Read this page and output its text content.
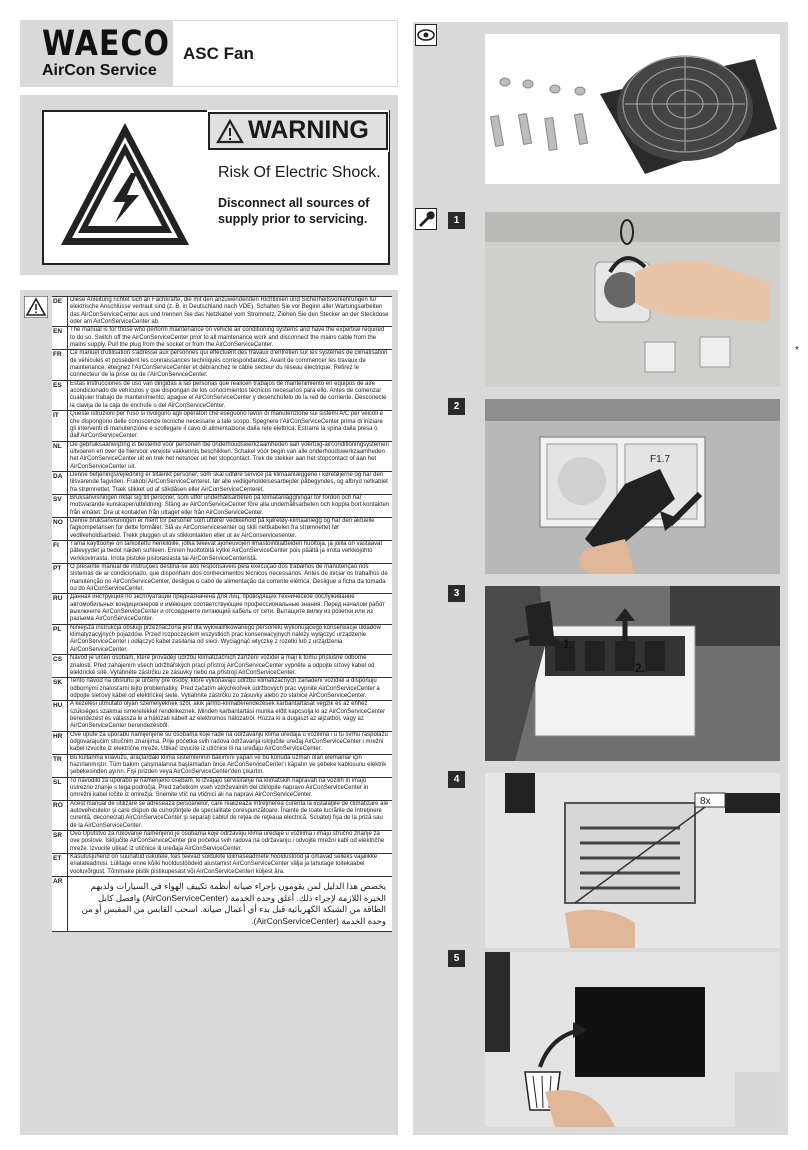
WAECO
AirCon Service
ASC Fan
WARNING
Risk Of Electric Shock.
Disconnect all sources of supply prior to servicing.
DE	Diese Anleitung richtet sich an Fachkräfte, die mit den anzuwendenden Richtlinien und Sicherheitsvorkehrungen für elektrische Anschlüsse vertraut sind (z. B. in Deutschland nach VDE). Schalten Sie vor Beginn aller Wartungsarbeiten das AirConServiceCenter aus und trennen Sie das Netzkabel vom Stromnetz. Ziehen Sie den Stecker an der Steckdose oder am AirConServiceCenter ab.
EN	The manual is for those who perform maintenance on vehicle air conditioning systems and have the expertise required to do so. Switch off the AirConServiceCenter prior to all maintenance work and disconnect the mains cable from the mains supply. Pull the plug from the socket or from the AirConServiceCenter.
FR	Ce manuel d'utilisation s'adresse aux personnes qui effectuent des travaux d'entretien sur les systèmes de climatisation de véhicules et possèdent les connaissances techniques correspondantes. Avant de commencer les travaux de maintenance, éteignez l'AirConServiceCenter et débranchez le câble secteur du réseau électrique. Retirez le connecteur de la prise ou de l'AirConServiceCenter.
ES	Estas instrucciones de uso van dirigidas a las personas que realicen trabajos de mantenimiento en equipos de aire acondicionado de vehículos y que dispongan de los conocimientos técnicos necesarios para ello. Antes de comenzar cualquier trabajo de mantenimiento, apague el AirConServiceCenter y desenchúfelo de la red de corriente. Desconecte la clavija de la caja de enchufe o del AirConServiceCenter.
IT	Queste istruzioni per l'uso si rivolgono agli operatori che eseguono lavori di manutenzione sui sistemi A/C per veicoli e che dispongono delle conoscenze tecniche necessarie a tale scopo. Spegnere l'AirConServiceCenter prima di iniziare gli interventi di manutenzione e scollegare il cavo di alimentazione dalla rete elettrica. Estrarre la spina dalla presa o dall'AirConServiceCenter.
NL	De gebruiksaanwijzing is bestemd voor personen die onderhoudswerkzaamheden aan voertuig-airconditioningsystemen uitvoeren en over de hiervoor vereiste vakkennis beschikken. Schakel vóór begin van alle onderhoudswerkzaamheden het AirConServiceCenter uit en trek het netsnoer uit het stopcontact. Trek de stekker aan het stopcontact of aan het AirConServiceCenter uit.
DA	Denne betjeningsvejledning er tiltænkt personer, som skal udføre service på klimaanlæggene i køretøjerne og har den tilsvarende fagviden. Frakobl AirConServiceCenteret, før alle vedligeholdelsesarbejder påbegyndes, og afbryd netkablet fra strømnettet. Træk stikket ud af stikdåsen eller AirConServiceCenteret.
SV	Bruksanvisningen riktar sig till personer, som utför underhållsarbeten på klimatanläggningar för fordon och har motsvarande kunskaper/utbildning. Stäng av AirConServiceCenter före alla underhållsarbeten och koppla bort kontakten från elnätet. Dra ut kontakten från uttaget eller från AirConServiceCenter.
NO	Denne bruksanvisningen er ment for personer som utfører vedlikehold på kjøretøy-klimaanlegg og har den aktuelle fagkompetansen for dette formålet. Slå av AirConservicesenter og skill nettkabelen fra strømnettet før vedlikeholdsarbeid. Trekk pluggen ut av stikkontakten eller ut av AirConservicesenter.
FI	Tämä käyttöohje on tarkoitettu henkilöille, jotka tekevät ajoneuvojen ilmastointilaitteiden huoltoja, ja joilla on vastaavat pätevyydet ja tiedot näiden suhteen. Ennen huoltotöitä kytke AirConServiceCenter pois päältä ja irrota verkkojohto verkkovirrasta. Irrota pistoke pistorasiasta tai AirConServiceCenteristä.
PT	O presente manual de instruções destina-se aos responsáveis pela execução dos trabalhos de manutenção nos sistemas de ar condicionado, que disponham dos conhecimentos técnicos necessários. Antes de iniciar os trabalhos de manutenção no AirConServiceCenter, desligue o cabo de alimentação da corrente elétrica. Desligue a ficha da tomada ou do AirConServiceCenter.
RU	Данная инструкция по эксплуатации предназначена для лиц, проводящих техническое обслуживание автомобильных кондиционеров и имеющих соответствующие профессиональные знания. Перед началом работ выключите AirConServiceCenter и отсоедините питающий кабель от сети. Вытащите вилку из розетки или из разъема AirConServiceCenter.
PL	Niniejsza instrukcja obsługi przeznaczona jest dla wykwalifikowanego personelu wykonującego konserwacje układów klimatyzacyjnych pojazdów. Przed rozpoczęciem wszystkich prac konserwacyjnych należy wyłączyć urządzenie AirConServiceCenter i odłączyć kabel zasilania od sieci. Wyciągnąć wtyczkę z rozetki lub z urządzenia AirConServiceCenter.
CS	Návod je určen osobám, které provádějí údržbu klimatizačních zařízení vozidel a mají k tomu příslušné odborné znalosti. Před zahájením všech údržbářských prací přístroj AirConServiceCenter vypněte a odpojte síťový kabel od elektrické sítě. Vytáhněte zástrčku ze zásuvky nebo na přístroji AirConServiceCenter.
SK	Tento návod na obsluhu je určený pre osoby, ktoré vykonávajú údržbu klimatizačných zariadení vozidiel a disponujú odbornými znalosťami tejto problematiky. Pred začatím akýchkoľvek údržbových prác vypnite AirConServiceCenter a odpojte sieťový kábel od elektrickej siete. Vytiahnite zástrčku zo zásuvky alebo zo stanice AirConServiceCenter.
HU	A kezelési útmutató olyan személyeknek szól, akik jármű-klímaberendezések karbantartását végzik és az ehhez szükséges szakmai ismeretekkel rendelkeznek. Minden karbantartási munka előtt kapcsolja ki az AirConServiceCenter berendezést és válassza le a hálózati kábelt az elektromos hálózatról. Húzza ki a dugaszt az aljzatból, vagy az AirConServiceCenter berendezésből.
HR	Ove upute za uporabu namijenjene su osobama koje rade na održavanju klima uređaja u vozilima i u tu svrhu raspolažu odgovarajućim stručnim znanjima. Prije početka svih radova održavanja isključite uređaj AirConServiceCenter i mrežni kabel izvucite iz električne mreže. Utikač izvucite iz utičnice ili na uređaju AirConServiceCenter.
TR	Bu kullanma kılavuzu, araçlardaki klima sistemlerinin bakımını yapan ve bu konuda uzman olan elemanlar için hazırlanmıştır. Tüm bakım çalışmalarına başlamadan önce AirConServiceCenter'ı kapatın ve şebeke kablosunu elektrik şebekesinden ayırın. Fişi prizden veya AirConServiceCenter'den çıkartın.
SL	To navodilo za uporabo je namenjeno osebam, ki izvajajo servisiranje na klimatskih napravah na vozilih in imajo ustrezno znanje s tega področja. Pred začetkom vseh vzdrževalnih del izklopite napravo AirConServiceCenter in omrežni kabel ločite iz omrežja. Snemite vtič na vtičnici ali na napravi AirConServiceCenter.
RO	Acest manual de utilizare se adresează persoanelor, care realizează întreţinerea curentă la instalaţiile de climatizare ale autovehiculelor şi care dispun de cunoştinţele de specialitate corespunzătoare. Înainte de toate lucrările de întreţinere curentă, deconectaţi AirConServiceCenter şi separaţi cablul de reţea de reţeaua electrică. Scoateţi fişa de la priză sau de la AirConServiceCenter.
SR	Ovo Uputstvo za rukovanje namenjeno je osobama koje održavaju klima uređaje u vozilima i imaju stručno znanje za ove poslove. Isključite AirConServiceCenter pre početka svih radova na održavanju i odvojite mrežni kabl od električne mreže. Izvucite utikač iz utičnice ili uređaja AirConServiceCenter.
ET	Kasutusjuhend on suunatud isikutele, kes teevad sõidukite kliimaseadmete hooldustööd ja omavad selleks vajalikke erialateadmisi. Lülitage enne kõiki hooldustöödeid alustamist AirConServiceCenter välja ja lahutage toitekaabel vooluvõrgust. Tõmmake pistik pistikupesast või AirConServiceCenteri küljest ära.
AR	يخصص هذا الدليل لمن يقومون بإجراء صيانة أنظمة تكييف الهواء في السيارات ولديهم الخبرة اللازمة لإجراء ذلك. أغلق وحدة الخدمة (AirConServiceCenter) وافصل كابل الطاقة من الشبكة الكهربائية قبل بدء أي أعمال صيانة. اسحب القابس من المقبس أو من وحدة الخدمة (AirConServiceCenter).
1
*
2
F1.7
3
1.
2.
4
8x
5
